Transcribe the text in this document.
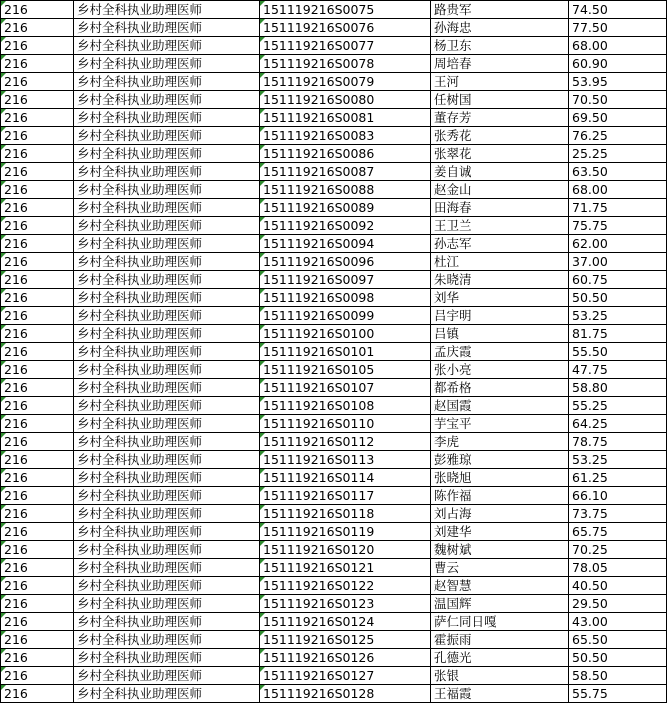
216	乡村全科执业助理医师	151119216S0075	路贵军	74.50
216	乡村全科执业助理医师	151119216S0076	孙海忠	77.50
216	乡村全科执业助理医师	151119216S0077	杨卫东	68.00
216	乡村全科执业助理医师	151119216S0078	周培春	60.90
216	乡村全科执业助理医师	151119216S0079	王河	53.95
216	乡村全科执业助理医师	151119216S0080	任树国	70.50
216	乡村全科执业助理医师	151119216S0081	董存芳	69.50
216	乡村全科执业助理医师	151119216S0083	张秀花	76.25
216	乡村全科执业助理医师	151119216S0086	张翠花	25.25
216	乡村全科执业助理医师	151119216S0087	姜自诚	63.50
216	乡村全科执业助理医师	151119216S0088	赵金山	68.00
216	乡村全科执业助理医师	151119216S0089	田海春	71.75
216	乡村全科执业助理医师	151119216S0092	王卫兰	75.75
216	乡村全科执业助理医师	151119216S0094	孙志军	62.00
216	乡村全科执业助理医师	151119216S0096	杜江	37.00
216	乡村全科执业助理医师	151119216S0097	朱晓清	60.75
216	乡村全科执业助理医师	151119216S0098	刘华	50.50
216	乡村全科执业助理医师	151119216S0099	吕宇明	53.25
216	乡村全科执业助理医师	151119216S0100	吕镇	81.75
216	乡村全科执业助理医师	151119216S0101	孟庆霞	55.50
216	乡村全科执业助理医师	151119216S0105	张小亮	47.75
216	乡村全科执业助理医师	151119216S0107	都希格	58.80
216	乡村全科执业助理医师	151119216S0108	赵国霞	55.25
216	乡村全科执业助理医师	151119216S0110	芋宝平	64.25
216	乡村全科执业助理医师	151119216S0112	李虎	78.75
216	乡村全科执业助理医师	151119216S0113	彭雅琼	53.25
216	乡村全科执业助理医师	151119216S0114	张晓旭	61.25
216	乡村全科执业助理医师	151119216S0117	陈作福	66.10
216	乡村全科执业助理医师	151119216S0118	刘占海	73.75
216	乡村全科执业助理医师	151119216S0119	刘建华	65.75
216	乡村全科执业助理医师	151119216S0120	魏树斌	70.25
216	乡村全科执业助理医师	151119216S0121	曹云	78.05
216	乡村全科执业助理医师	151119216S0122	赵智慧	40.50
216	乡村全科执业助理医师	151119216S0123	温国辉	29.50
216	乡村全科执业助理医师	151119216S0124	萨仁同日嘎	43.00
216	乡村全科执业助理医师	151119216S0125	霍振雨	65.50
216	乡村全科执业助理医师	151119216S0126	孔德光	50.50
216	乡村全科执业助理医师	151119216S0127	张银	58.50
216	乡村全科执业助理医师	151119216S0128	王福霞	55.75
